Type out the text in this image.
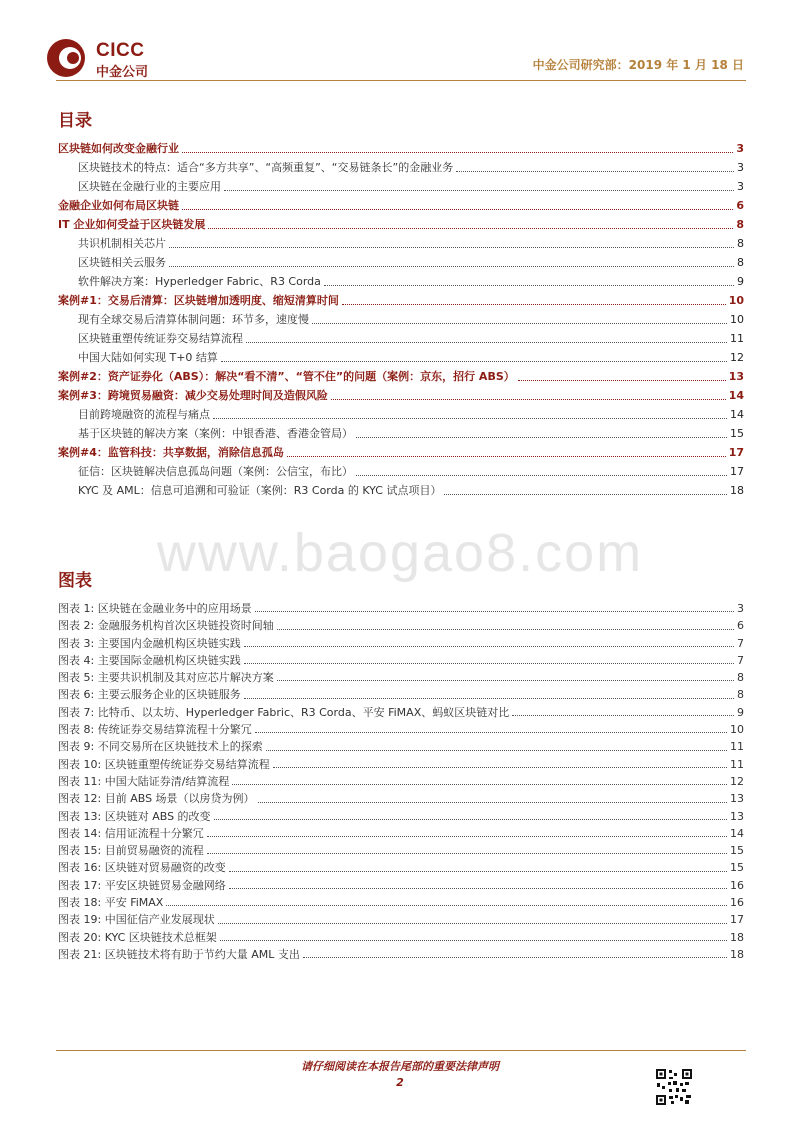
CICC
中金公司	中金公司研究部：2019 年 1 月 18 日
目录
区块链如何改变金融行业	3
区块链技术的特点：适合“多方共享”、“高频重复”、“交易链条长”的金融业务	3
区块链在金融行业的主要应用	3
金融企业如何布局区块链	6
IT 企业如何受益于区块链发展	8
共识机制相关芯片	8
区块链相关云服务	8
软件解决方案：Hyperledger Fabric、R3 Corda	9
案例#1：交易后清算：区块链增加透明度、缩短清算时间	10
现有全球交易后清算体制问题：环节多，速度慢	10
区块链重塑传统证券交易结算流程	11
中国大陆如何实现 T+0 结算	12
案例#2：资产证券化（ABS）：解决“看不清”、“管不住”的问题（案例：京东，招行 ABS）	13
案例#3：跨境贸易融资：减少交易处理时间及造假风险	14
目前跨境融资的流程与痛点	14
基于区块链的解决方案（案例：中银香港、香港金管局）	15
案例#4：监管科技：共享数据，消除信息孤岛	17
征信：区块链解决信息孤岛问题（案例：公信宝，布比）	17
KYC 及 AML：信息可追溯和可验证（案例：R3 Corda 的 KYC 试点项目）	18
www.baogao8.com
图表
图表 1: 区块链在金融业务中的应用场景	3
图表 2: 金融服务机构首次区块链投资时间轴	6
图表 3: 主要国内金融机构区块链实践	7
图表 4: 主要国际金融机构区块链实践	7
图表 5: 主要共识机制及其对应芯片解决方案	8
图表 6: 主要云服务企业的区块链服务	8
图表 7: 比特币、以太坊、Hyperledger Fabric、R3 Corda、平安 FiMAX、蚂蚁区块链对比	9
图表 8: 传统证券交易结算流程十分繁冗	10
图表 9: 不同交易所在区块链技术上的探索	11
图表 10: 区块链重塑传统证券交易结算流程	11
图表 11: 中国大陆证券清/结算流程	12
图表 12: 目前 ABS 场景（以房贷为例）	13
图表 13: 区块链对 ABS 的改变	13
图表 14: 信用证流程十分繁冗	14
图表 15: 目前贸易融资的流程	15
图表 16: 区块链对贸易融资的改变	15
图表 17: 平安区块链贸易金融网络	16
图表 18: 平安 FiMAX	16
图表 19: 中国征信产业发展现状	17
图表 20: KYC 区块链技术总框架	18
图表 21: 区块链技术将有助于节约大量 AML 支出	18
请仔细阅读在本报告尾部的重要法律声明
2
